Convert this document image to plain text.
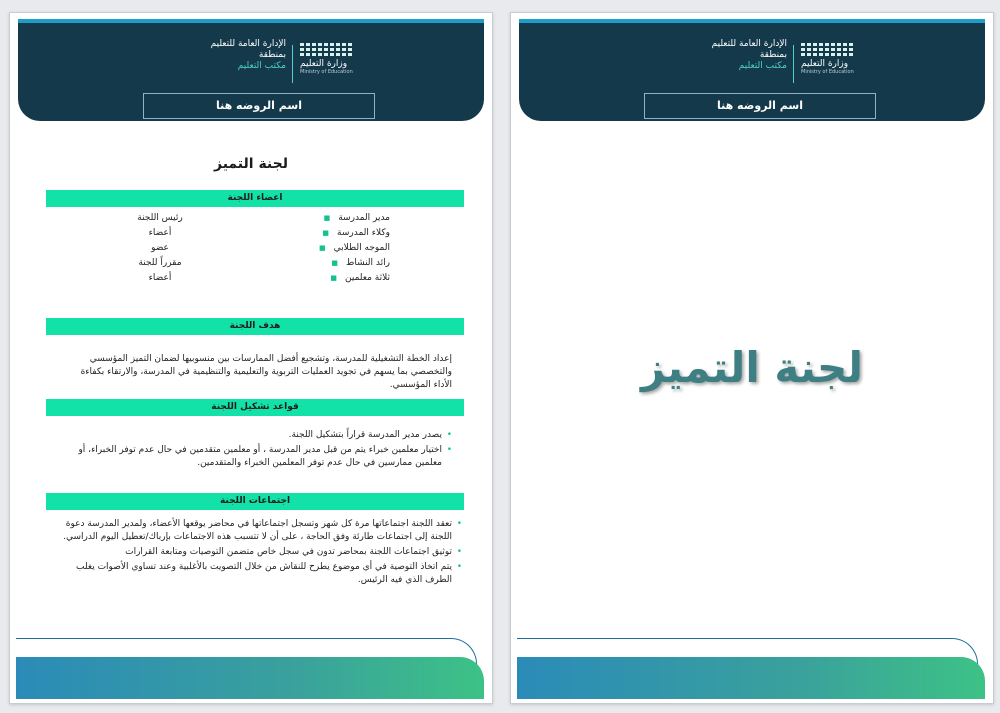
الإدارة العامة للتعليم
بمنطقة
مكتب التعليم وزارة التعليم
Ministry of Education
اسم الروضه هنا
لجنة التميز
اعضاء اللجنة
مدير المدرسة ■
رئيس اللجنة
وكلاء المدرسة ■
أعضاء
الموجه الطلابي ■
عضو
رائد النشاط ■
مقرراً للجنة
ثلاثة معلمين ■
أعضاء
هدف اللجنة

إعداد الخطة التشغيلية للمدرسة، وتشجيع أفضل الممارسات بين منسوبيها لضمان التميز المؤسسي والتخصصي بما يسهم في تجويد العمليات التربوية والتعليمية والتنظيمية في المدرسة، والارتقاء بكفاءة الأداء المؤسسي.

قواعد تشكيل اللجنة
• يصدر مدير المدرسة قراراً بتشكيل اللجنة.
• اختيار معلمين خبراء يتم من قبل مدير المدرسة ، أو معلمين متقدمين في حال عدم توفر الخبراء، أو معلمين ممارسين في حال عدم توفر المعلمين الخبراء والمتقدمين.
اجتماعات اللجنة
• تعقد اللجنة اجتماعاتها مرة كل شهر وتسجل اجتماعاتها في محاضر يوقعها الأعضاء، ولمدير المدرسة دعوة اللجنة إلى اجتماعات طارئة وفق الحاجة ، على أن لا تتسبب هذه الاجتماعات بإرباك/تعطيل اليوم الدراسي.
• توثيق اجتماعات اللجنة بمحاضر تدون في سجل خاص متضمن التوصيات ومتابعة القرارات
• يتم اتخاذ التوصية في أي موضوع يطرح للنقاش من خلال التصويت بالأغلبية وعند تساوي الأصوات يغلب الطرف الذي فيه الرئيس.
الإدارة العامة للتعليم
بمنطقة
مكتب التعليم وزارة التعليم
Ministry of Education
اسم الروضه هنا
لجنة التميز
